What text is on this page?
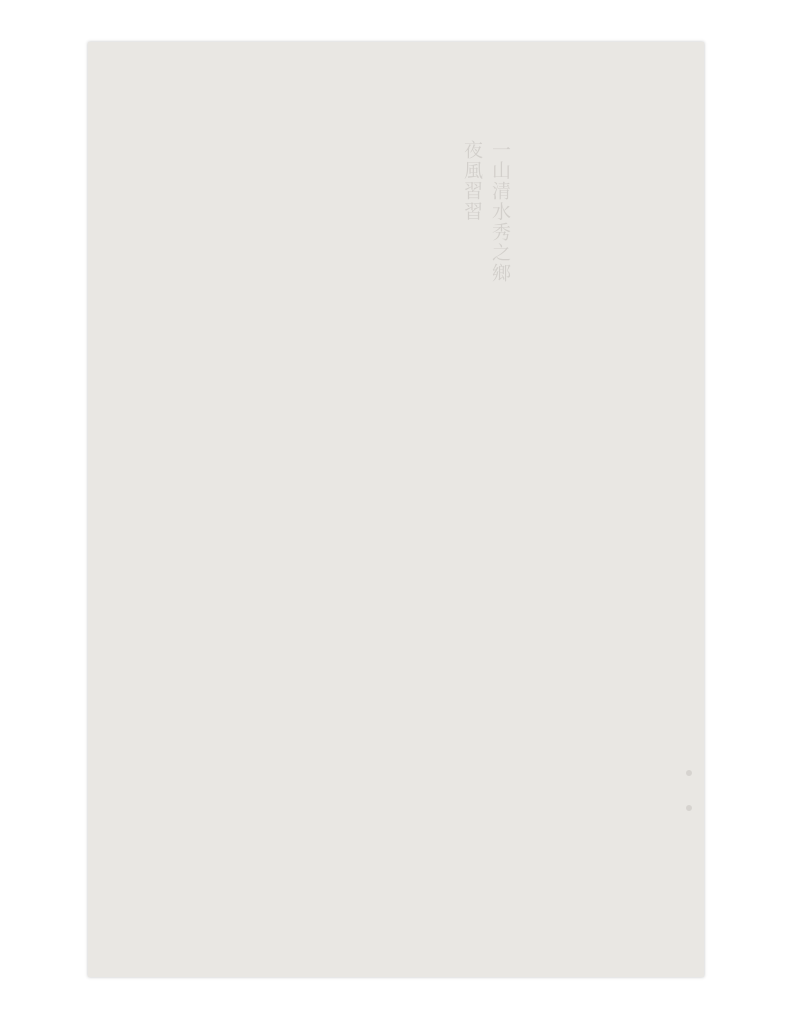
一山清水秀之鄉
夜風習習
